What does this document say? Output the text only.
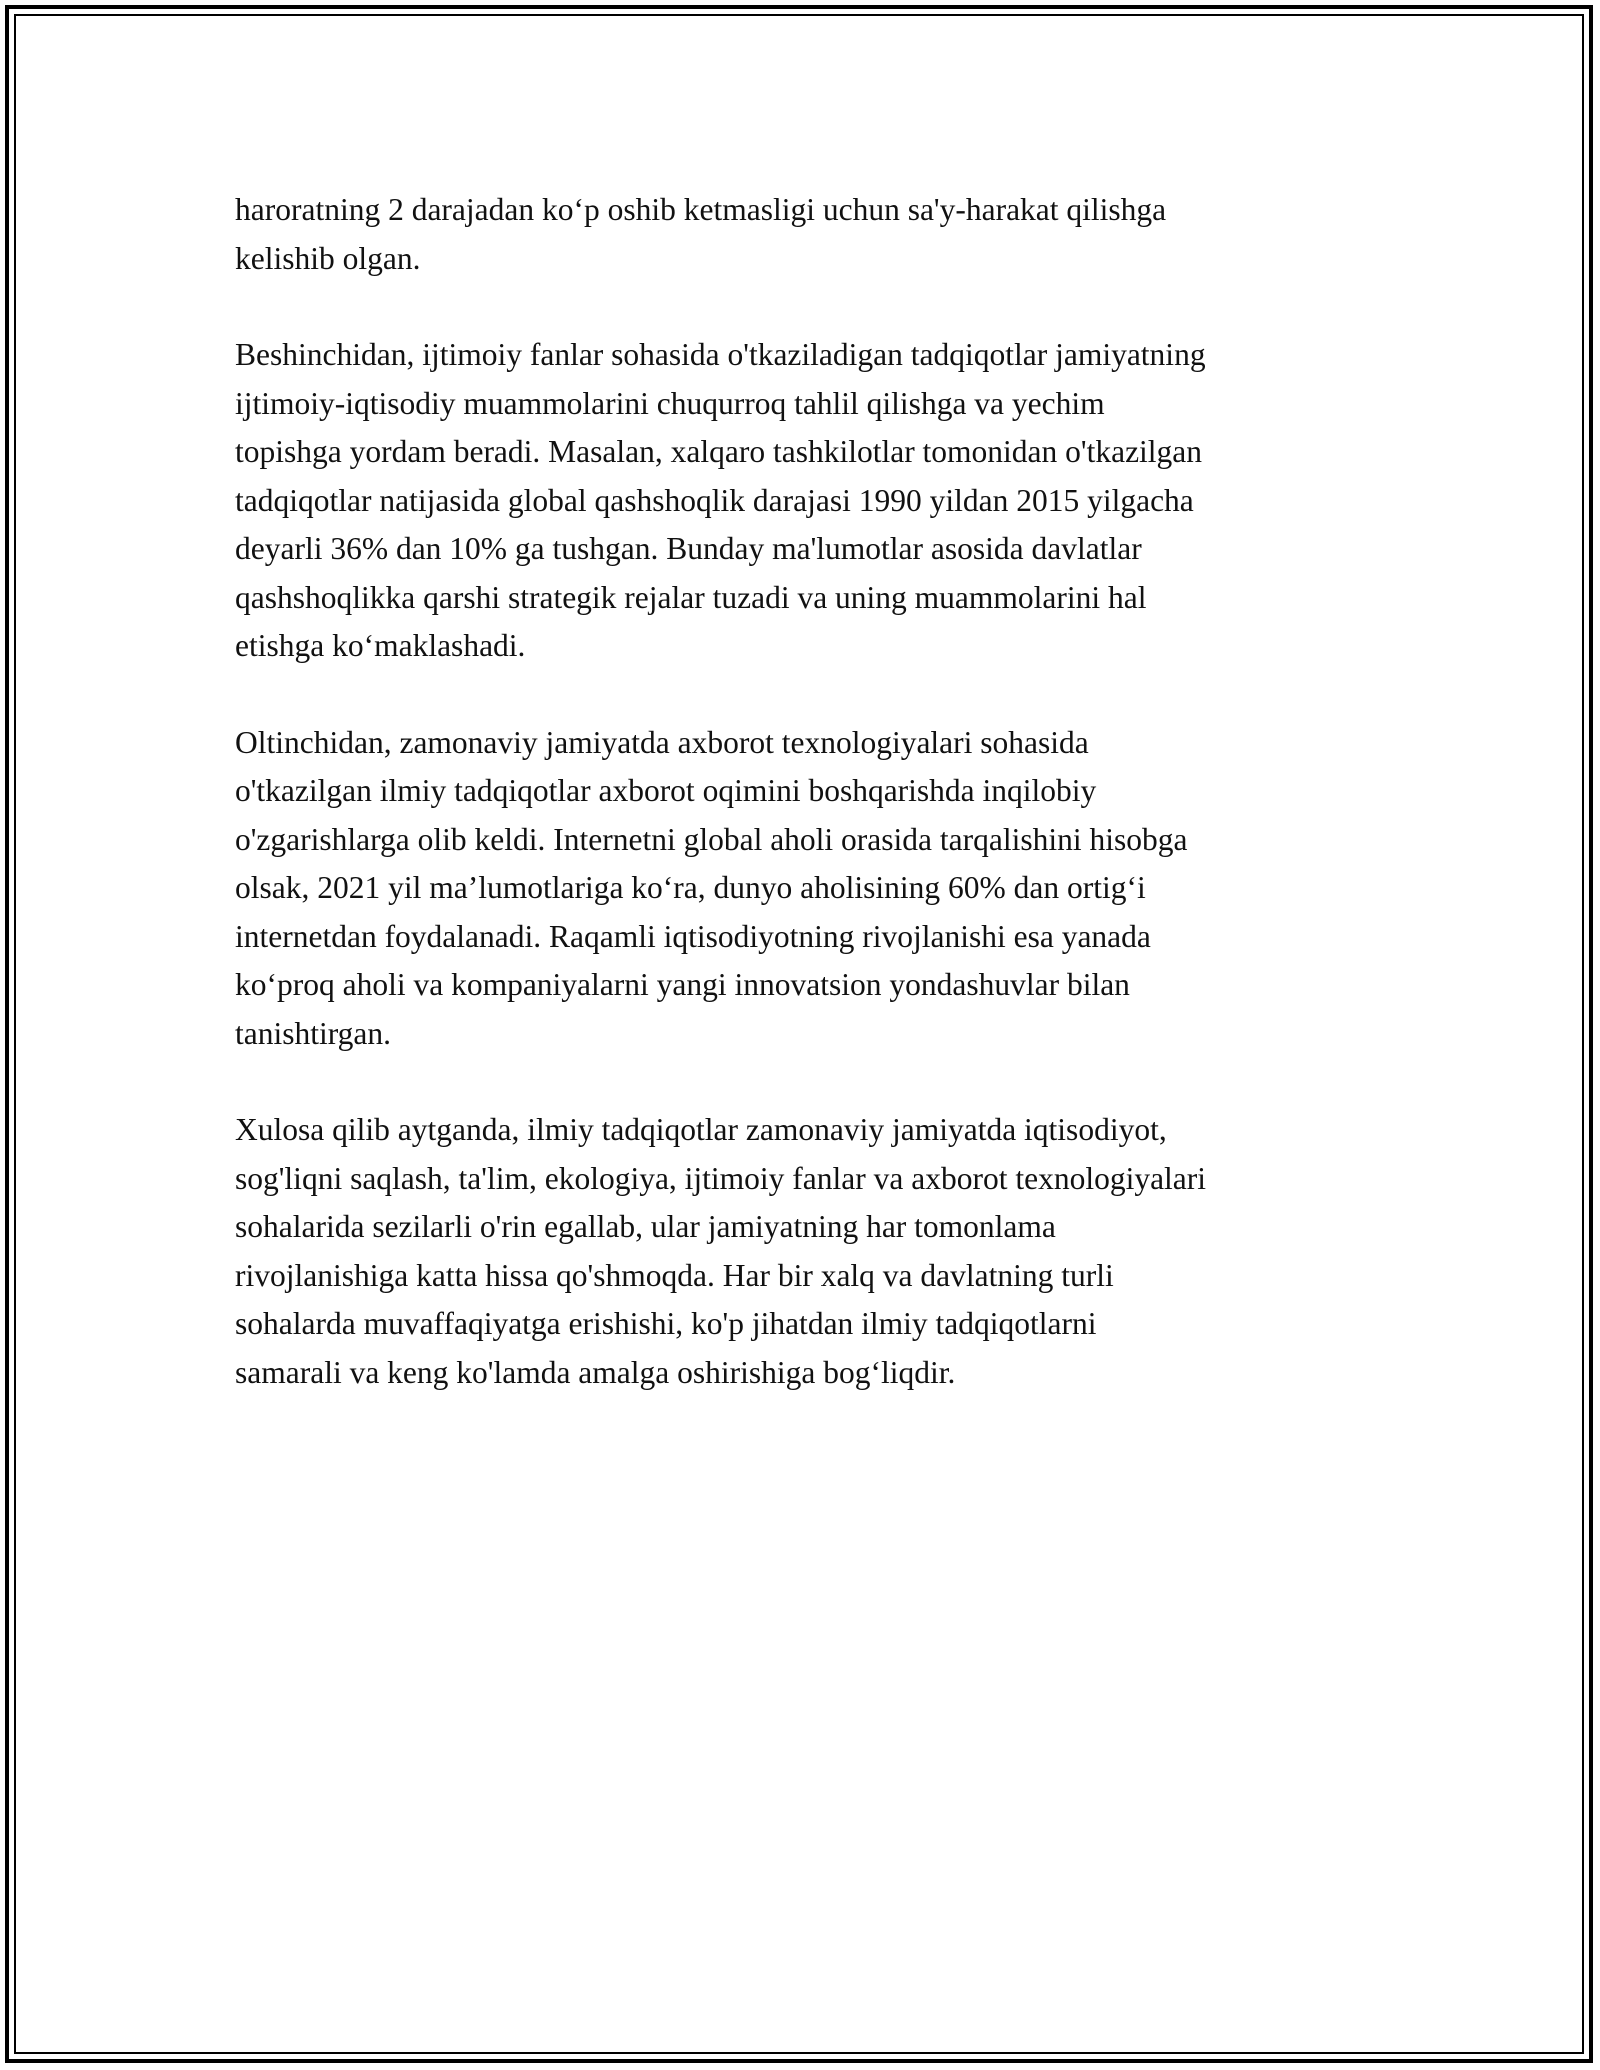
haroratning 2 darajadan ko‘p oshib ketmasligi uchun sa'y-harakat qilishga
kelishib olgan.

Beshinchidan, ijtimoiy fanlar sohasida o'tkaziladigan tadqiqotlar jamiyatning
ijtimoiy-iqtisodiy muammolarini chuqurroq tahlil qilishga va yechim
topishga yordam beradi. Masalan, xalqaro tashkilotlar tomonidan o'tkazilgan
tadqiqotlar natijasida global qashshoqlik darajasi 1990 yildan 2015 yilgacha
deyarli 36% dan 10% ga tushgan. Bunday ma'lumotlar asosida davlatlar
qashshoqlikka qarshi strategik rejalar tuzadi va uning muammolarini hal
etishga ko‘maklashadi.

Oltinchidan, zamonaviy jamiyatda axborot texnologiyalari sohasida
o'tkazilgan ilmiy tadqiqotlar axborot oqimini boshqarishda inqilobiy
o'zgarishlarga olib keldi. Internetni global aholi orasida tarqalishini hisobga
olsak, 2021 yil ma’lumotlariga ko‘ra, dunyo aholisining 60% dan ortig‘i
internetdan foydalanadi. Raqamli iqtisodiyotning rivojlanishi esa yanada
ko‘proq aholi va kompaniyalarni yangi innovatsion yondashuvlar bilan
tanishtirgan.

Xulosa qilib aytganda, ilmiy tadqiqotlar zamonaviy jamiyatda iqtisodiyot,
sog'liqni saqlash, ta'lim, ekologiya, ijtimoiy fanlar va axborot texnologiyalari
sohalarida sezilarli o'rin egallab, ular jamiyatning har tomonlama
rivojlanishiga katta hissa qo'shmoqda. Har bir xalq va davlatning turli
sohalarda muvaffaqiyatga erishishi, ko'p jihatdan ilmiy tadqiqotlarni
samarali va keng ko'lamda amalga oshirishiga bog‘liqdir.
